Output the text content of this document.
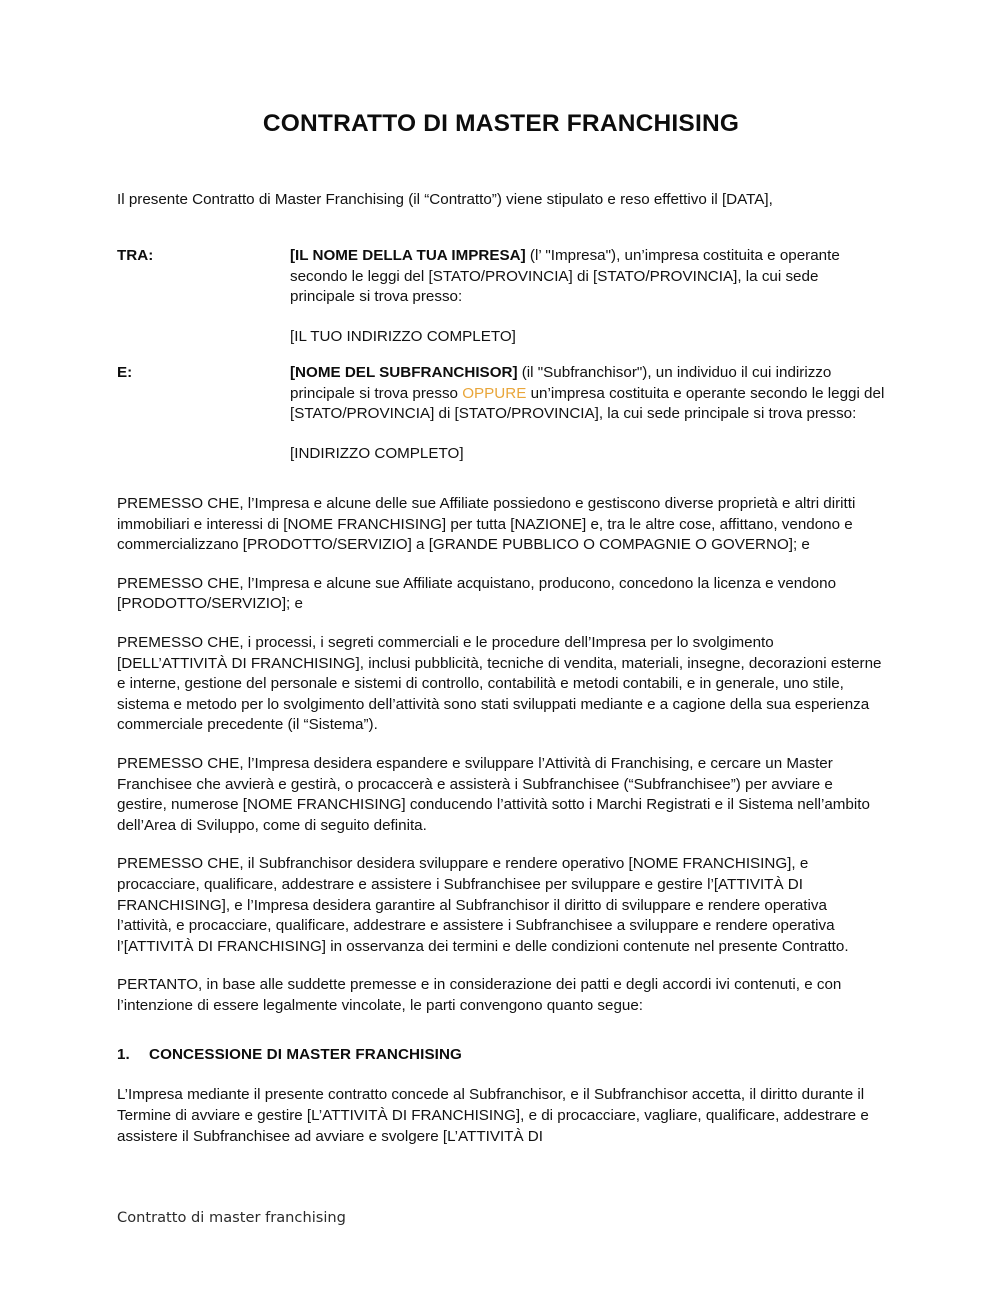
CONTRATTO DI MASTER FRANCHISING

Il presente Contratto di Master Franchising (il “Contratto”) viene stipulato e reso effettivo il [DATA],

TRA:	[IL NOME DELLA TUA IMPRESA] (l’ "Impresa"), un’impresa costituita e operante secondo le leggi del [STATO/PROVINCIA] di [STATO/PROVINCIA], la cui sede principale si trova presso:

[IL TUO INDIRIZZO COMPLETO]

E:	[NOME DEL SUBFRANCHISOR] (il "Subfranchisor"), un individuo il cui indirizzo principale si trova presso OPPURE un’impresa costituita e operante secondo le leggi del [STATO/PROVINCIA] di [STATO/PROVINCIA], la cui sede principale si trova presso:

[INDIRIZZO COMPLETO]

PREMESSO CHE, l’Impresa e alcune delle sue Affiliate possiedono e gestiscono diverse proprietà e altri diritti immobiliari e interessi di [NOME FRANCHISING] per tutta [NAZIONE] e, tra le altre cose, affittano, vendono e commercializzano [PRODOTTO/SERVIZIO] a [GRANDE PUBBLICO O COMPAGNIE O GOVERNO]; e

PREMESSO CHE, l’Impresa e alcune sue Affiliate acquistano, producono, concedono la licenza e vendono [PRODOTTO/SERVIZIO]; e

PREMESSO CHE, i processi, i segreti commerciali e le procedure dell’Impresa per lo svolgimento [DELL’ATTIVITÀ DI FRANCHISING], inclusi pubblicità, tecniche di vendita, materiali, insegne, decorazioni esterne e interne, gestione del personale e sistemi di controllo, contabilità e metodi contabili, e in generale, uno stile, sistema e metodo per lo svolgimento dell’attività sono stati sviluppati mediante e a cagione della sua esperienza commerciale precedente (il “Sistema”).

PREMESSO CHE, l’Impresa desidera espandere e sviluppare l’Attività di Franchising, e cercare un Master Franchisee che avvierà e gestirà, o procaccerà e assisterà i Subfranchisee (“Subfranchisee”) per avviare e gestire, numerose [NOME FRANCHISING] conducendo l’attività sotto i Marchi Registrati e il Sistema nell’ambito dell’Area di Sviluppo, come di seguito definita.

PREMESSO CHE, il Subfranchisor desidera sviluppare e rendere operativo [NOME FRANCHISING], e procacciare, qualificare, addestrare e assistere i Subfranchisee per sviluppare e gestire l’[ATTIVITÀ DI FRANCHISING], e l’Impresa desidera garantire al Subfranchisor il diritto di sviluppare e rendere operativa l’attività, e procacciare, qualificare, addestrare e assistere i Subfranchisee a sviluppare e rendere operativa l’[ATTIVITÀ DI FRANCHISING] in osservanza dei termini e delle condizioni contenute nel presente Contratto.

PERTANTO, in base alle suddette premesse e in considerazione dei patti e degli accordi ivi contenuti, e con l’intenzione di essere legalmente vincolate, le parti convengono quanto segue:

1.	CONCESSIONE DI MASTER FRANCHISING

L’Impresa mediante il presente contratto concede al Subfranchisor, e il Subfranchisor accetta, il diritto durante il Termine di avviare e gestire [L’ATTIVITÀ DI FRANCHISING], e di procacciare, vagliare, qualificare, addestrare e assistere il Subfranchisee ad avviare e svolgere [L’ATTIVITÀ DI

Contratto di master franchising
